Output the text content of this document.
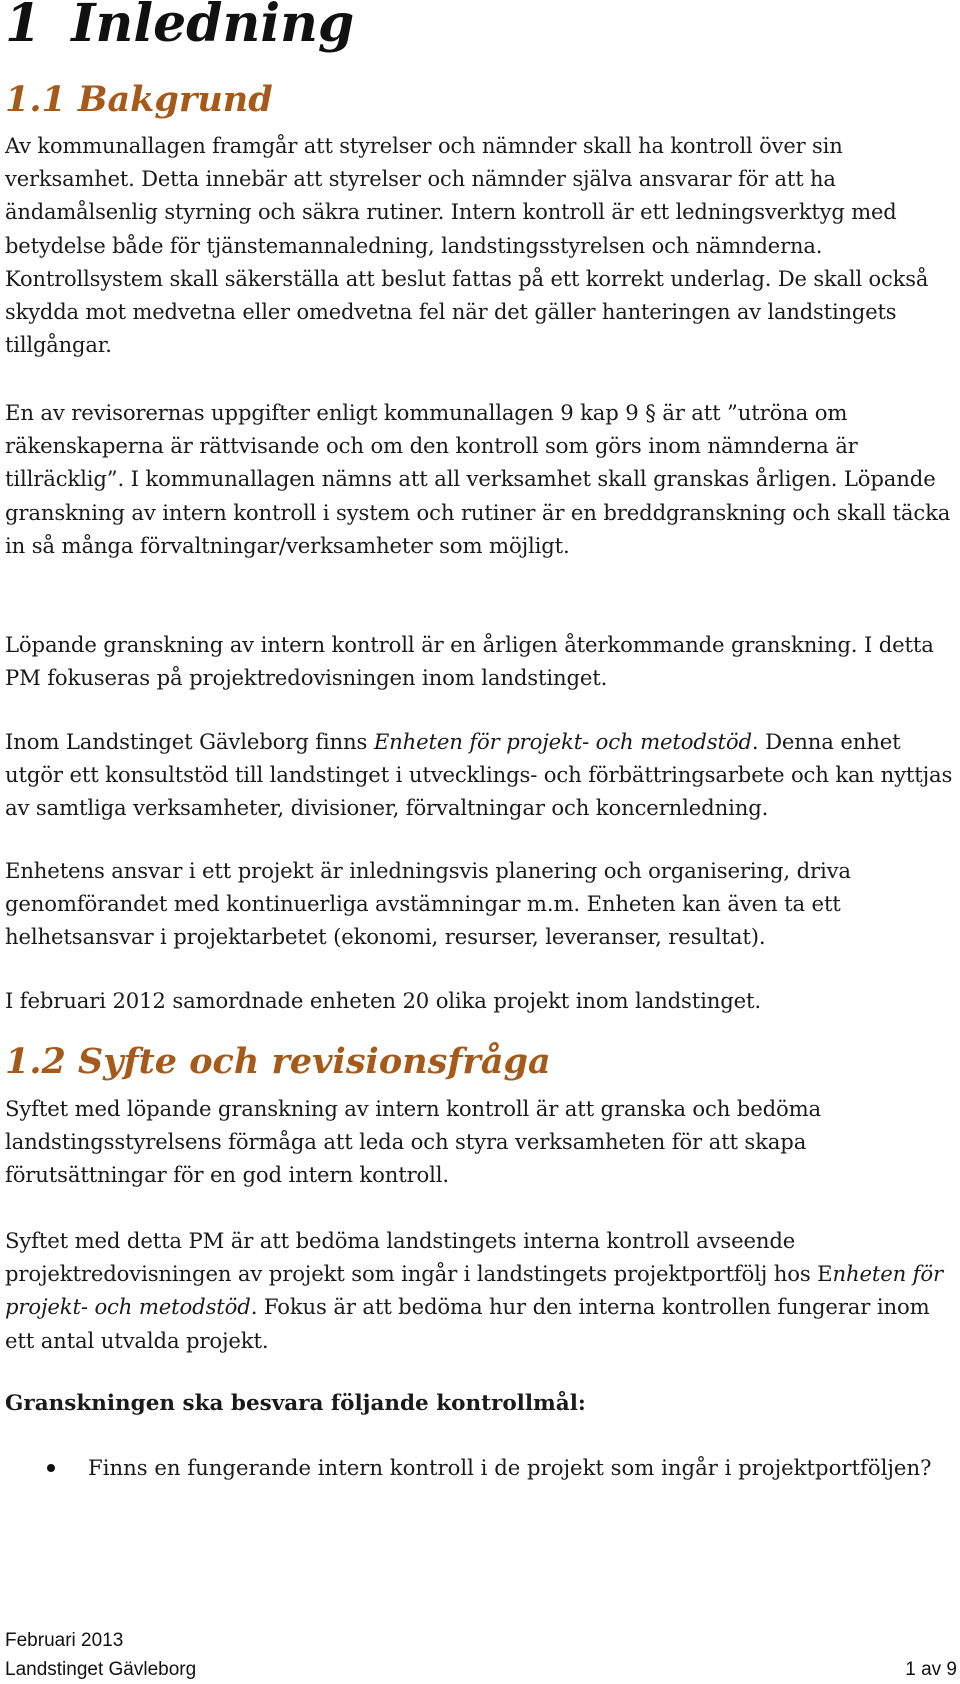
1 Inledning
1.1 Bakgrund

Av kommunallagen framgår att styrelser och nämnder skall ha kontroll över sin verksamhet. Detta innebär att styrelser och nämnder själva ansvarar för att ha ändamålsenlig styrning och säkra rutiner. Intern kontroll är ett ledningsverktyg med betydelse både för tjänstemannaledning, landstingsstyrelsen och nämnderna. Kontrollsystem skall säkerställa att beslut fattas på ett korrekt underlag. De skall också skydda mot medvetna eller omedvetna fel när det gäller hanteringen av landstingets tillgångar.

En av revisorernas uppgifter enligt kommunallagen 9 kap 9 § är att ”utröna om räkenskaperna är rättvisande och om den kontroll som görs inom nämnderna är tillräcklig”. I kommunallagen nämns att all verksamhet skall granskas årligen. Löpande granskning av intern kontroll i system och rutiner är en breddgranskning och skall täcka in så många förvaltningar/verksamheter som möjligt.

Löpande granskning av intern kontroll är en årligen återkommande granskning. I detta PM fokuseras på projektredovisningen inom landstinget.

Inom Landstinget Gävleborg finns Enheten för projekt- och metodstöd. Denna enhet utgör ett konsultstöd till landstinget i utvecklings- och förbättringsarbete och kan nyttjas av samtliga verksamheter, divisioner, förvaltningar och koncernledning.

Enhetens ansvar i ett projekt är inledningsvis planering och organisering, driva genomförandet med kontinuerliga avstämningar m.m. Enheten kan även ta ett helhetsansvar i projektarbetet (ekonomi, resurser, leveranser, resultat).

I februari 2012 samordnade enheten 20 olika projekt inom landstinget.

1.2 Syfte och revisionsfråga

Syftet med löpande granskning av intern kontroll är att granska och bedöma landstingsstyrelsens förmåga att leda och styra verksamheten för att skapa förutsättningar för en god intern kontroll.

Syftet med detta PM är att bedöma landstingets interna kontroll avseende projektredovisningen av projekt som ingår i landstingets projektportfölj hos Enheten för projekt- och metodstöd. Fokus är att bedöma hur den interna kontrollen fungerar inom ett antal utvalda projekt.

Granskningen ska besvara följande kontrollmål:
Finns en fungerande intern kontroll i de projekt som ingår i projektportföljen?
Februari 2013
Landstinget Gävleborg	1 av 9
